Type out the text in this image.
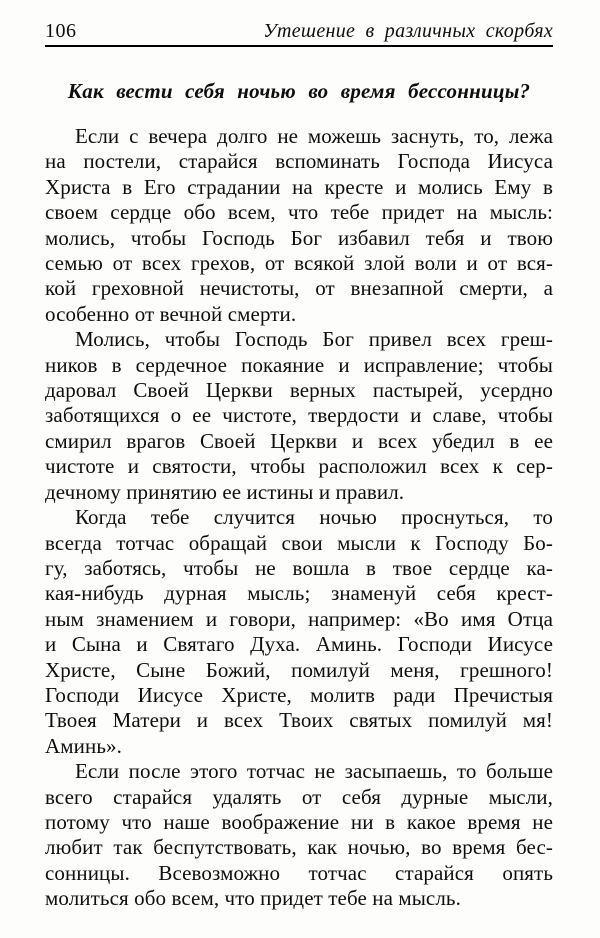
106	Утешение в различных скорбях
Как вести себя ночью во время бессонницы?
Если с вечера долго не можешь заснуть, то, лежа
на постели, старайся вспоминать Господа Иисуса
Христа в Его страдании на кресте и молись Ему в
своем сердце обо всем, что тебе придет на мысль:
молись, чтобы Господь Бог избавил тебя и твою
семью от всех грехов, от всякой злой воли и от вся-
кой греховной нечистоты, от внезапной смерти, а
особенно от вечной смерти.
Молись, чтобы Господь Бог привел всех греш-
ников в сердечное покаяние и исправление; чтобы
даровал Своей Церкви верных пастырей, усердно
заботящихся о ее чистоте, твердости и славе, чтобы
смирил врагов Своей Церкви и всех убедил в ее
чистоте и святости, чтобы расположил всех к сер-
дечному принятию ее истины и правил.
Когда тебе случится ночью проснуться, то
всегда тотчас обращай свои мысли к Господу Бо-
гу, заботясь, чтобы не вошла в твое сердце ка-
кая-нибудь дурная мысль; знаменуй себя крест-
ным знамением и говори, например: «Во имя Отца
и Сына и Святаго Духа. Аминь. Господи Иисусе
Христе, Сыне Божий, помилуй меня, грешного!
Господи Иисусе Христе, молитв ради Пречистыя
Твоея Матери и всех Твоих святых помилуй мя!
Аминь».
Если после этого тотчас не засыпаешь, то больше
всего старайся удалять от себя дурные мысли,
потому что наше воображение ни в какое время не
любит так беспутствовать, как ночью, во время бес-
сонницы. Всевозможно тотчас старайся опять
молиться обо всем, что придет тебе на мысль.
